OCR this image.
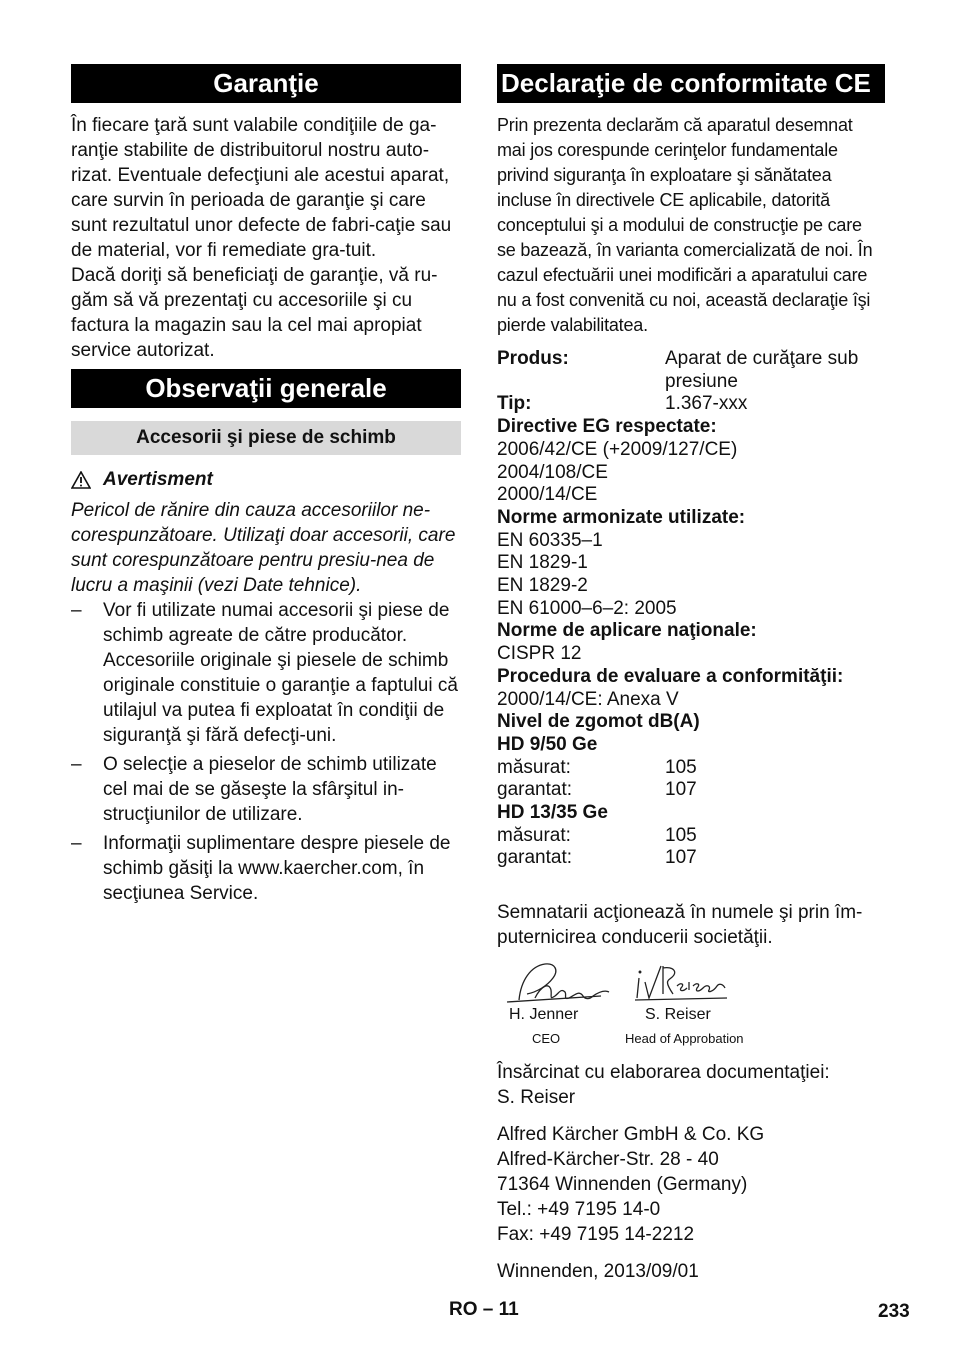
Garanţie

În fiecare ţară sunt valabile condiţiile de ga-ranţie stabilite de distribuitorul nostru auto-rizat. Eventuale defecţiuni ale acestui aparat, care survin în perioada de garanţie şi care sunt rezultatul unor defecte de fabri-caţie sau de material, vor fi remediate gra-tuit.

Dacă doriţi să beneficiaţi de garanţie, vă ru-găm să vă prezentaţi cu accesoriile şi cu factura la magazin sau la cel mai apropiat service autorizat.

Observaţii generale
Accesorii şi piese de schimb
Avertisment

Pericol de rănire din cauza accesoriilor ne-corespunzătoare. Utilizaţi doar accesorii, care sunt corespunzătoare pentru presiu-nea de lucru a maşinii (vezi Date tehnice).

– Vor fi utilizate numai accesorii şi piese de schimb agreate de către producător. Accesoriile originale şi piesele de schimb originale constituie o garanţie a faptului că utilajul va putea fi exploatat în condiţii de siguranţă şi fără defecţi-uni.
– O selecţie a pieselor de schimb utilizate cel mai de se găseşte la sfârşitul in-strucţiunilor de utilizare.
– Informaţii suplimentare despre piesele de schimb găsiţi la www.kaercher.com, în secţiunea Service.
Declaraţie de conformitate CE

Prin prezenta declarăm că aparatul desemnat mai jos corespunde cerinţelor fundamentale privind siguranţa în exploatare şi sănătatea incluse în directivele CE aplicabile, datorită conceptului şi a modului de construcţie pe care se bazează, în varianta comercializată de noi. În cazul efectuării unei modificări a aparatului care nu a fost convenită cu noi, această declaraţie îşi pierde valabilitatea.

Produs:	Aparat de curăţare sub presiune
Tip:	1.367-xxx
Directive EG respectate:
2006/42/CE (+2009/127/CE)
2004/108/CE
2000/14/CE
Norme armonizate utilizate:
EN 60335–1
EN 1829-1
EN 1829-2
EN 61000–6–2: 2005
Norme de aplicare naţionale:
CISPR 12
Procedura de evaluare a conformităţii:
2000/14/CE: Anexa V
Nivel de zgomot dB(A)
HD 9/50 Ge
măsurat:	105
garantat:	107
HD 13/35 Ge
măsurat:	105
garantat:	107

Semnatarii acţionează în numele şi prin îm-puternicirea conducerii societăţii.

H. Jenner
CEO
S. Reiser
Head of Approbation

Însărcinat cu elaborarea documentaţiei:

S. Reiser

Alfred Kärcher GmbH & Co. KG
Alfred-Kärcher-Str. 28 - 40
71364 Winnenden (Germany)
Tel.: +49 7195 14-0
Fax: +49 7195 14-2212

Winnenden, 2013/09/01

RO – 11	233
